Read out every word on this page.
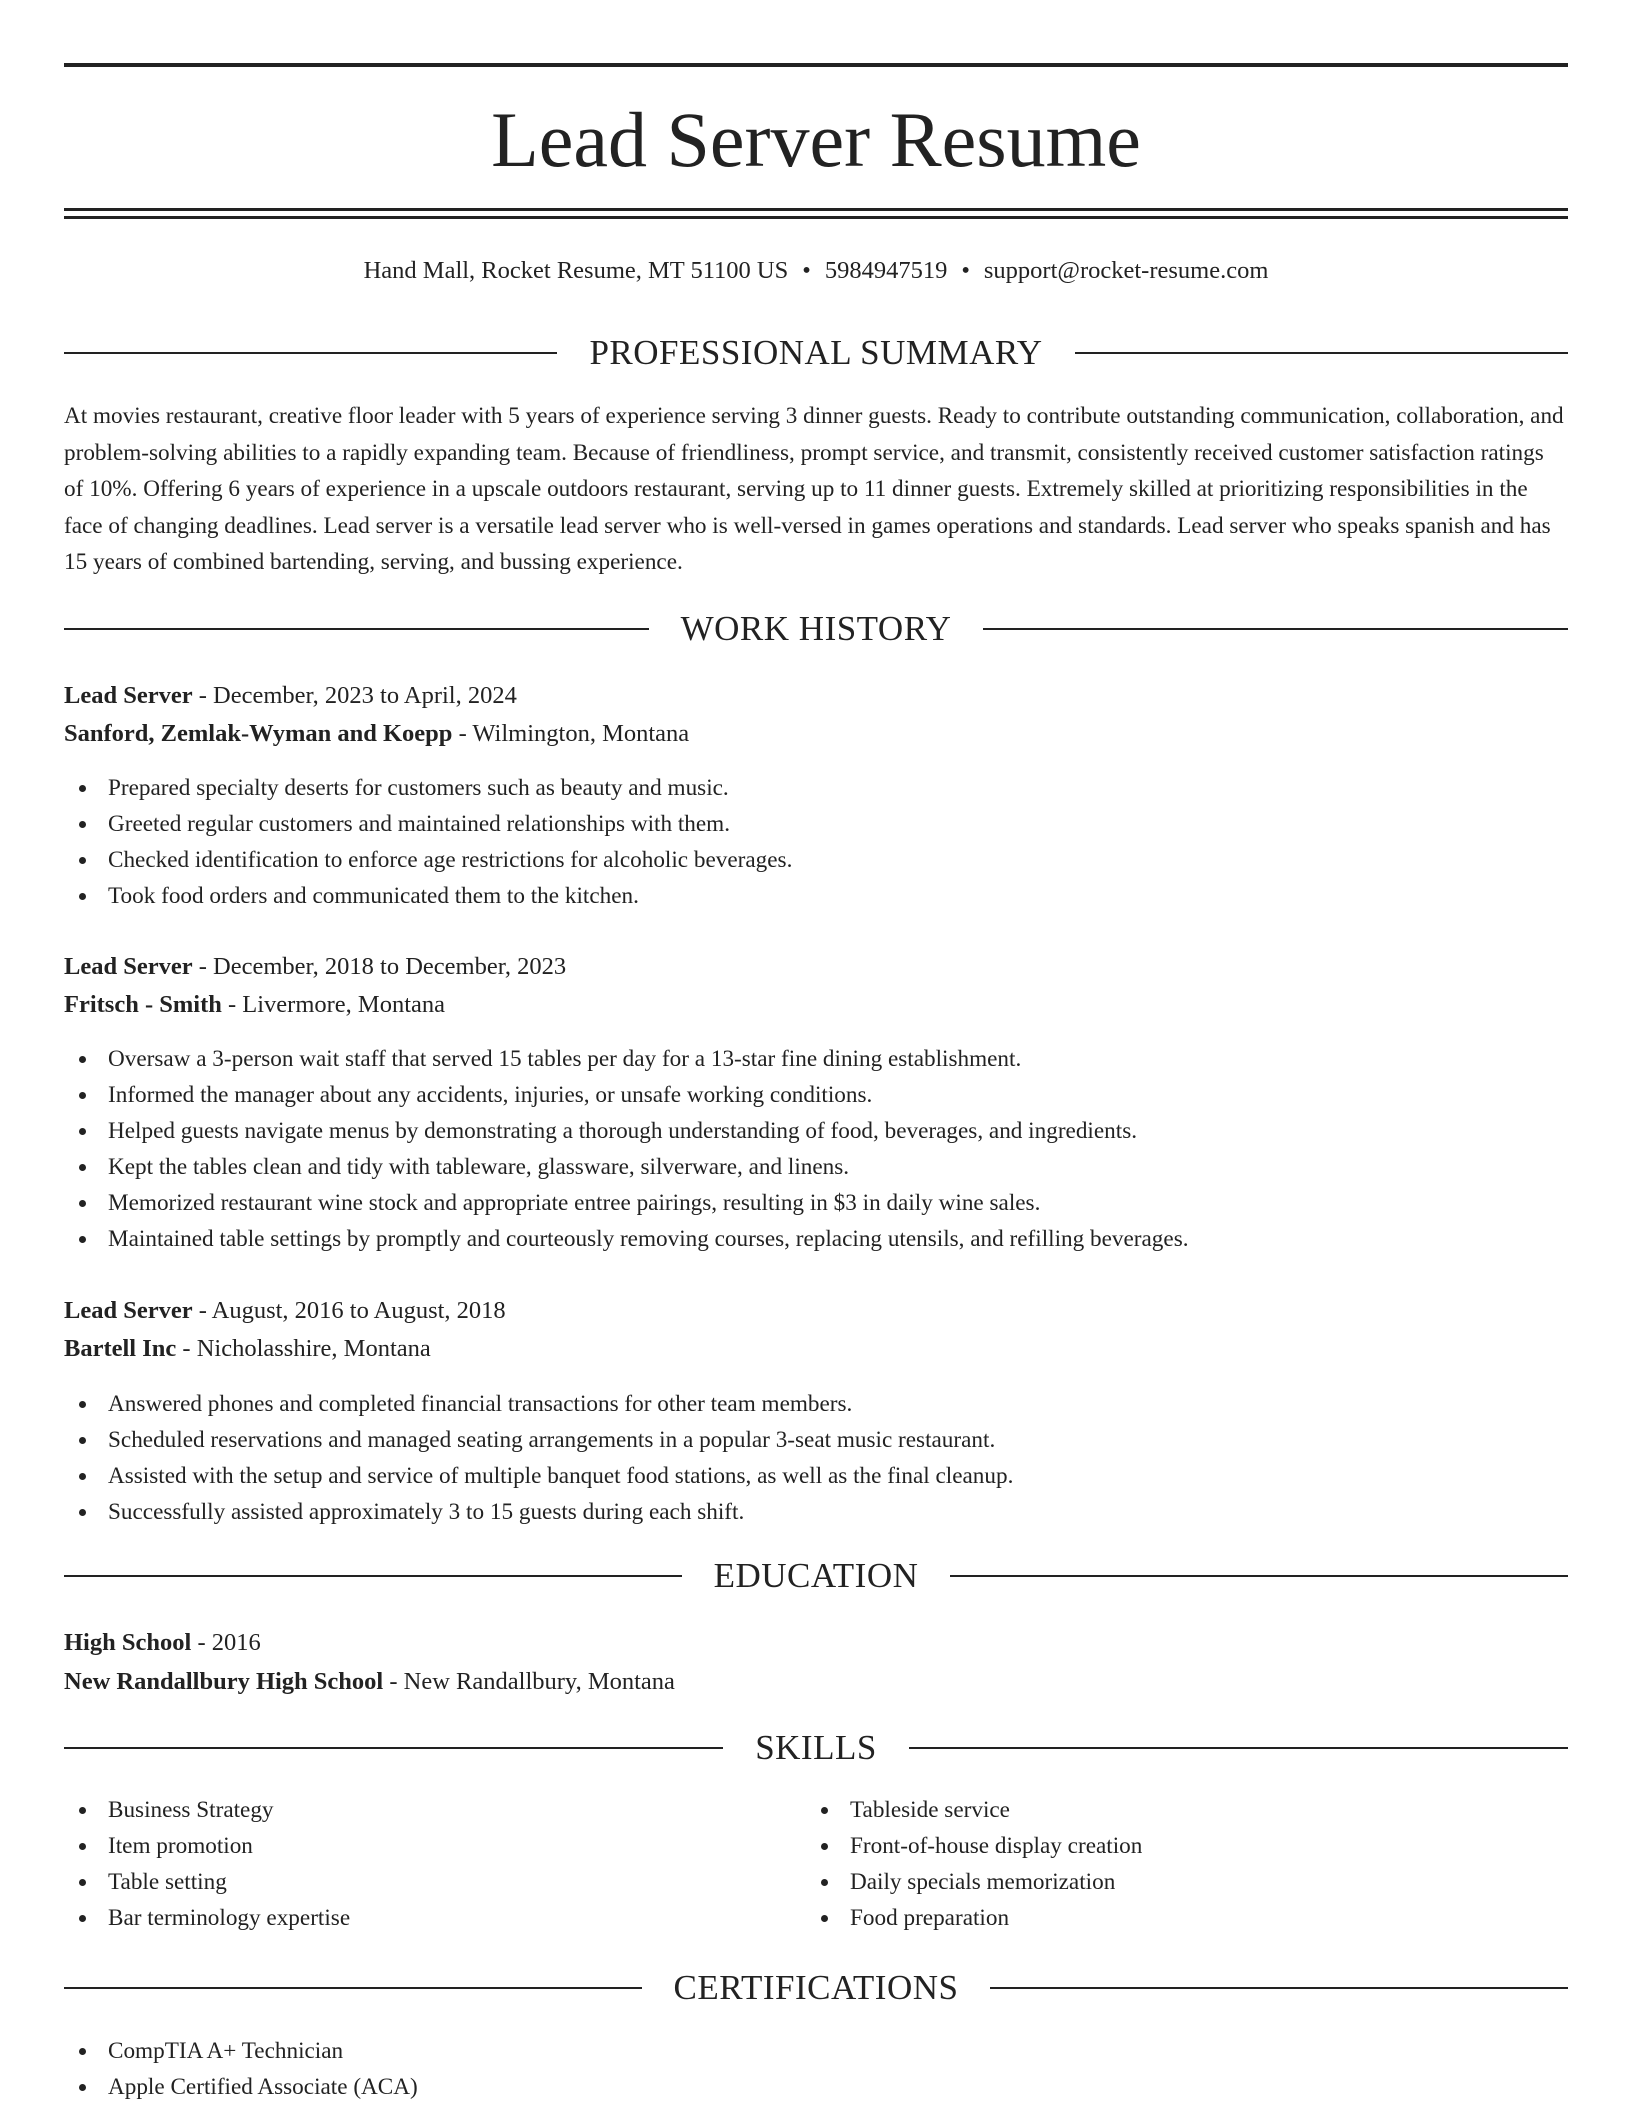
Lead Server Resume
Hand Mall, Rocket Resume, MT 51100 US • 5984947519 • support@rocket-resume.com
PROFESSIONAL SUMMARY

At movies restaurant, creative floor leader with 5 years of experience serving 3 dinner guests. Ready to contribute outstanding communication, collaboration, and problem-solving abilities to a rapidly expanding team. Because of friendliness, prompt service, and transmit, consistently received customer satisfaction ratings of 10%. Offering 6 years of experience in a upscale outdoors restaurant, serving up to 11 dinner guests. Extremely skilled at prioritizing responsibilities in the face of changing deadlines. Lead server is a versatile lead server who is well-versed in games operations and standards. Lead server who speaks spanish and has 15 years of combined bartending, serving, and bussing experience.

WORK HISTORY
Lead Server - December, 2023 to April, 2024
Sanford, Zemlak-Wyman and Koepp - Wilmington, Montana
Prepared specialty deserts for customers such as beauty and music.
Greeted regular customers and maintained relationships with them.
Checked identification to enforce age restrictions for alcoholic beverages.
Took food orders and communicated them to the kitchen.
Lead Server - December, 2018 to December, 2023
Fritsch - Smith - Livermore, Montana
Oversaw a 3-person wait staff that served 15 tables per day for a 13-star fine dining establishment.
Informed the manager about any accidents, injuries, or unsafe working conditions.
Helped guests navigate menus by demonstrating a thorough understanding of food, beverages, and ingredients.
Kept the tables clean and tidy with tableware, glassware, silverware, and linens.
Memorized restaurant wine stock and appropriate entree pairings, resulting in $3 in daily wine sales.
Maintained table settings by promptly and courteously removing courses, replacing utensils, and refilling beverages.
Lead Server - August, 2016 to August, 2018
Bartell Inc - Nicholasshire, Montana
Answered phones and completed financial transactions for other team members.
Scheduled reservations and managed seating arrangements in a popular 3-seat music restaurant.
Assisted with the setup and service of multiple banquet food stations, as well as the final cleanup.
Successfully assisted approximately 3 to 15 guests during each shift.
EDUCATION
High School - 2016
New Randallbury High School - New Randallbury, Montana
SKILLS
Business Strategy
Item promotion
Table setting
Bar terminology expertise
Tableside service
Front-of-house display creation
Daily specials memorization
Food preparation
CERTIFICATIONS
CompTIA A+ Technician
Apple Certified Associate (ACA)
